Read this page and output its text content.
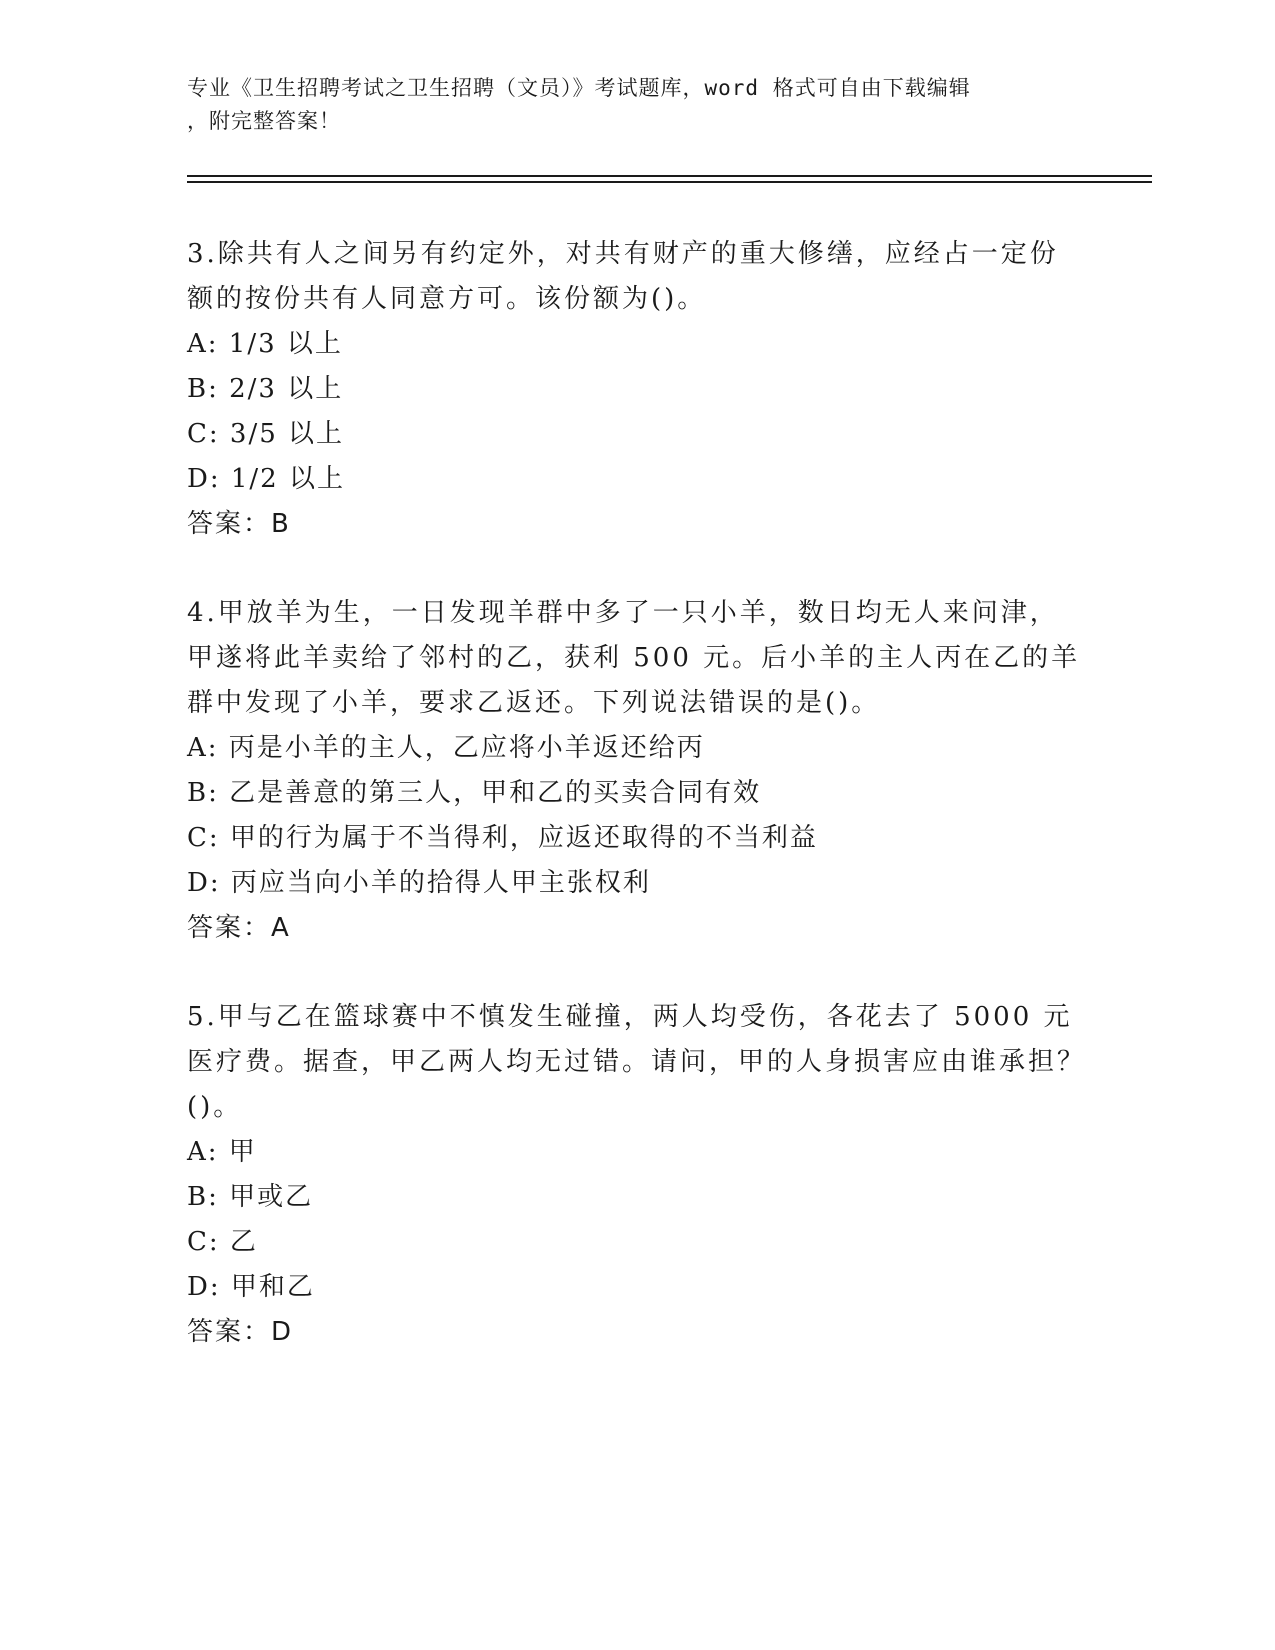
专业《卫生招聘考试之卫生招聘（文员）》考试题库，word 格式可自由下载编辑
，附完整答案！

3.除共有人之间另有约定外，对共有财产的重大修缮，应经占一定份额的按份共有人同意方可。该份额为()。

A: 1/3 以上

B: 2/3 以上

C: 3/5 以上

D: 1/2 以上

答案：B

4.甲放羊为生，一日发现羊群中多了一只小羊，数日均无人来问津，甲遂将此羊卖给了邻村的乙，获利 500 元。后小羊的主人丙在乙的羊群中发现了小羊，要求乙返还。下列说法错误的是()。

A: 丙是小羊的主人，乙应将小羊返还给丙

B: 乙是善意的第三人，甲和乙的买卖合同有效

C: 甲的行为属于不当得利，应返还取得的不当利益

D: 丙应当向小羊的拾得人甲主张权利

答案：A

5.甲与乙在篮球赛中不慎发生碰撞，两人均受伤，各花去了 5000 元医疗费。据查，甲乙两人均无过错。请问，甲的人身损害应由谁承担？()。

A: 甲

B: 甲或乙

C: 乙

D: 甲和乙

答案：D
